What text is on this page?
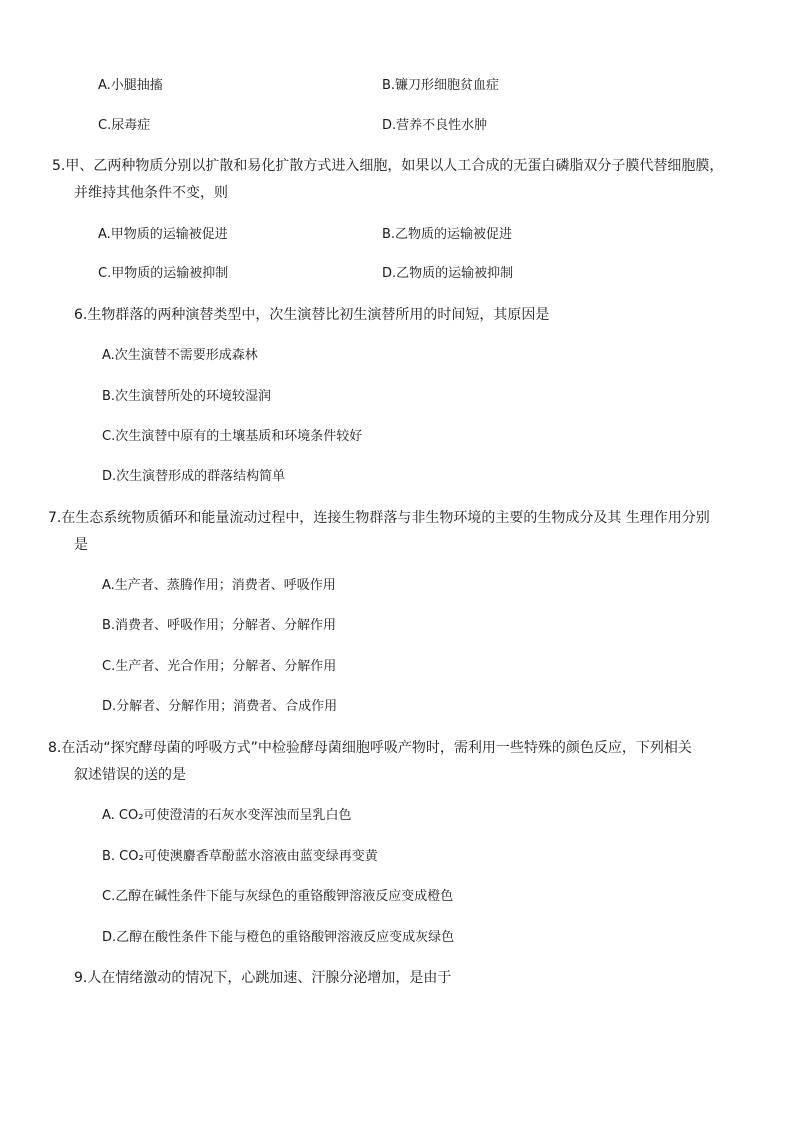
A.小腿抽搐	B.镰刀形细胞贫血症
C.尿毒症	D.营养不良性水肿
5.甲、乙两种物质分别以扩散和易化扩散方式进入细胞，如果以人工合成的无蛋白磷脂双分子膜代替细胞膜，
并维持其他条件不变，则
A.甲物质的运输被促进	B.乙物质的运输被促进
C.甲物质的运输被抑制	D.乙物质的运输被抑制
6.生物群落的两种演替类型中，次生演替比初生演替所用的时间短，其原因是
A.次生演替不需要形成森林
B.次生演替所处的环境较湿润
C.次生演替中原有的土壤基质和环境条件较好
D.次生演替形成的群落结构简单
7.在生态系统物质循环和能量流动过程中，连接生物群落与非生物环境的主要的生物成分及其 生理作用分别
是
A.生产者、蒸腾作用；消费者、呼吸作用
B.消费者、呼吸作用；分解者、分解作用
C.生产者、光合作用；分解者、分解作用
D.分解者、分解作用；消费者、合成作用
8.在活动“探究酵母菌的呼吸方式”中检验酵母菌细胞呼吸产物时，需利用一些特殊的颜色反应，下列相关
叙述错误的送的是
A. CO₂可使澄清的石灰水变浑浊而呈乳白色
B. CO₂可使澳麝香草酚蓝水溶液由蓝变绿再变黄
C.乙醇在碱性条件下能与灰绿色的重铬酸钾溶液反应变成橙色
D.乙醇在酸性条件下能与橙色的重铬酸钾溶液反应变成灰绿色
9.人在情绪激动的情况下，心跳加速、汗腺分泌增加，是由于
